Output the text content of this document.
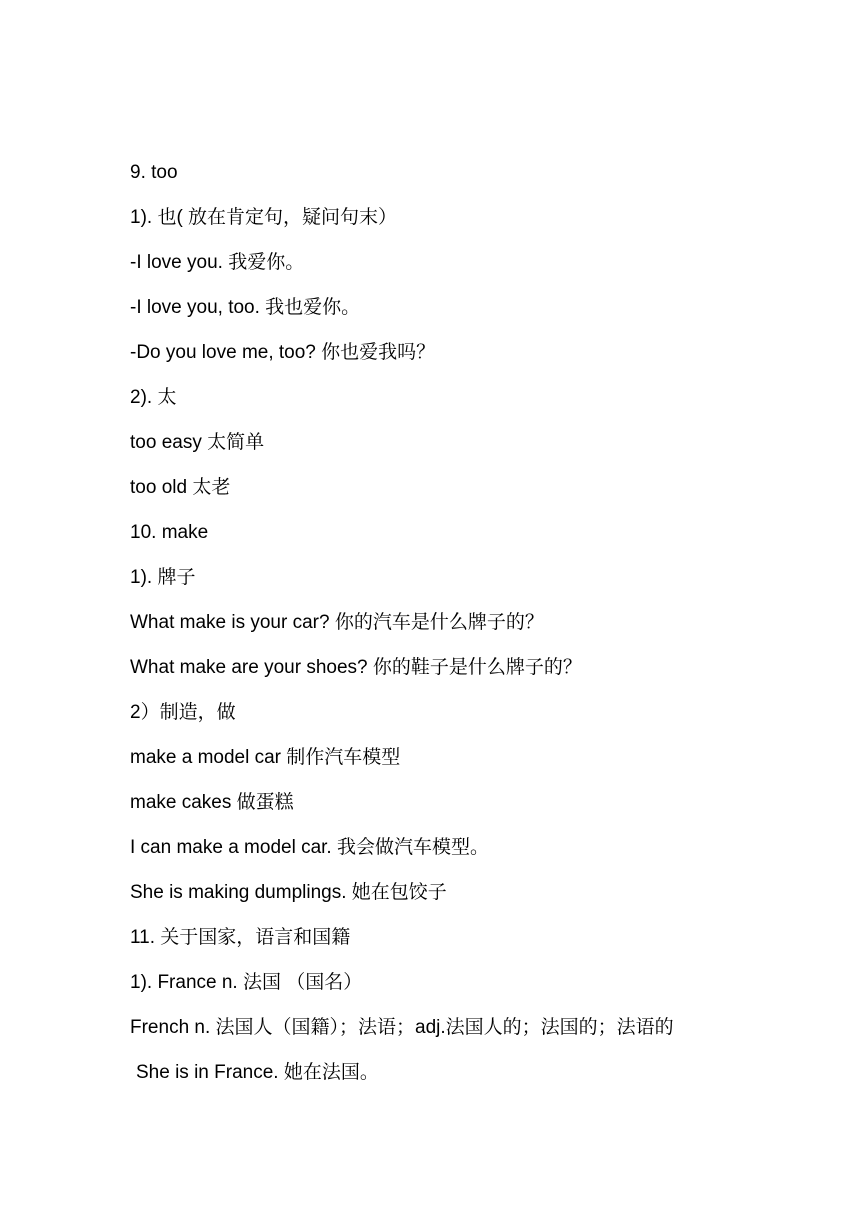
9. too
1). 也( 放在肯定句，疑问句末）
-I love you. 我爱你。
-I love you, too. 我也爱你。
-Do you love me, too? 你也爱我吗？
2). 太
too easy 太简单
too old 太老
10. make
1). 牌子
What make is your car? 你的汽车是什么牌子的？
What make are your shoes? 你的鞋子是什么牌子的？
2）制造，做
make a model car 制作汽车模型
make cakes 做蛋糕
I can make a model car. 我会做汽车模型。
She is making dumplings. 她在包饺子
11. 关于国家，语言和国籍
1). France n. 法国 （国名）
French n. 法国人（国籍）；法语；adj.法国人的；法国的；法语的
She is in France. 她在法国。
